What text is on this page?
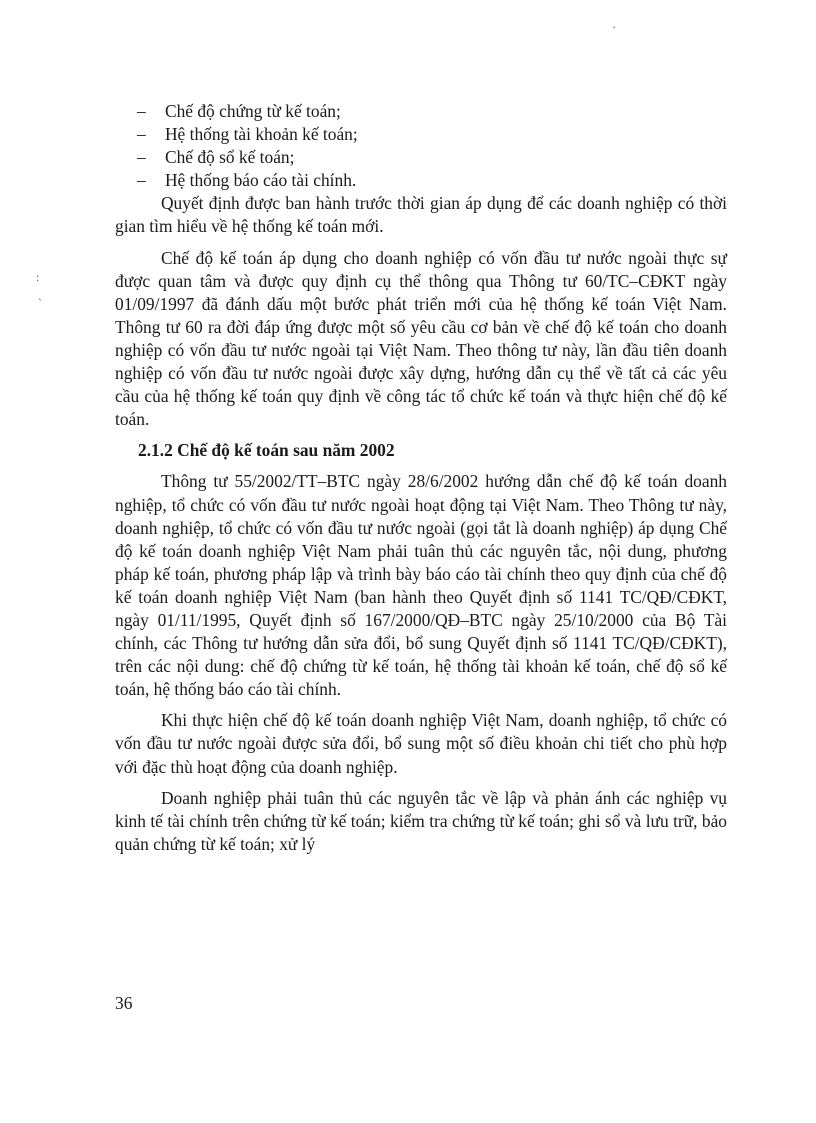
ˊ
:
ˋ

– Chế độ chứng từ kế toán;

– Hệ thống tài khoản kế toán;

– Chế độ sổ kế toán;

– Hệ thống báo cáo tài chính.

Quyết định được ban hành trước thời gian áp dụng để các doanh nghiệp có thời gian tìm hiểu về hệ thống kế toán mới.

Chế độ kế toán áp dụng cho doanh nghiệp có vốn đầu tư nước ngoài thực sự được quan tâm và được quy định cụ thể thông qua Thông tư 60/TC–CĐKT ngày 01/09/1997 đã đánh dấu một bước phát triển mới của hệ thống kế toán Việt Nam. Thông tư 60 ra đời đáp ứng được một số yêu cầu cơ bản về chế độ kế toán cho doanh nghiệp có vốn đầu tư nước ngoài tại Việt Nam. Theo thông tư này, lần đầu tiên doanh nghiệp có vốn đầu tư nước ngoài được xây dựng, hướng dẫn cụ thể về tất cả các yêu cầu của hệ thống kế toán quy định về công tác tổ chức kế toán và thực hiện chế độ kế toán.

2.1.2 Chế độ kế toán sau năm 2002

Thông tư 55/2002/TT–BTC ngày 28/6/2002 hướng dẫn chế độ kế toán doanh nghiệp, tổ chức có vốn đầu tư nước ngoài hoạt động tại Việt Nam. Theo Thông tư này, doanh nghiệp, tổ chức có vốn đầu tư nước ngoài (gọi tắt là doanh nghiệp) áp dụng Chế độ kế toán doanh nghiệp Việt Nam phải tuân thủ các nguyên tắc, nội dung, phương pháp kế toán, phương pháp lập và trình bày báo cáo tài chính theo quy định của chế độ kế toán doanh nghiệp Việt Nam (ban hành theo Quyết định số 1141 TC/QĐ/CĐKT, ngày 01/11/1995, Quyết định số 167/2000/QĐ–BTC ngày 25/10/2000 của Bộ Tài chính, các Thông tư hướng dẫn sửa đổi, bổ sung Quyết định số 1141 TC/QĐ/CĐKT), trên các nội dung: chế độ chứng từ kế toán, hệ thống tài khoản kế toán, chế độ sổ kế toán, hệ thống báo cáo tài chính.

Khi thực hiện chế độ kế toán doanh nghiệp Việt Nam, doanh nghiệp, tổ chức có vốn đầu tư nước ngoài được sửa đổi, bổ sung một số điều khoản chi tiết cho phù hợp với đặc thù hoạt động của doanh nghiệp.

Doanh nghiệp phải tuân thủ các nguyên tắc về lập và phản ánh các nghiệp vụ kinh tế tài chính trên chứng từ kế toán; kiểm tra chứng từ kế toán; ghi sổ và lưu trữ, bảo quản chứng từ kế toán; xử lý

36
